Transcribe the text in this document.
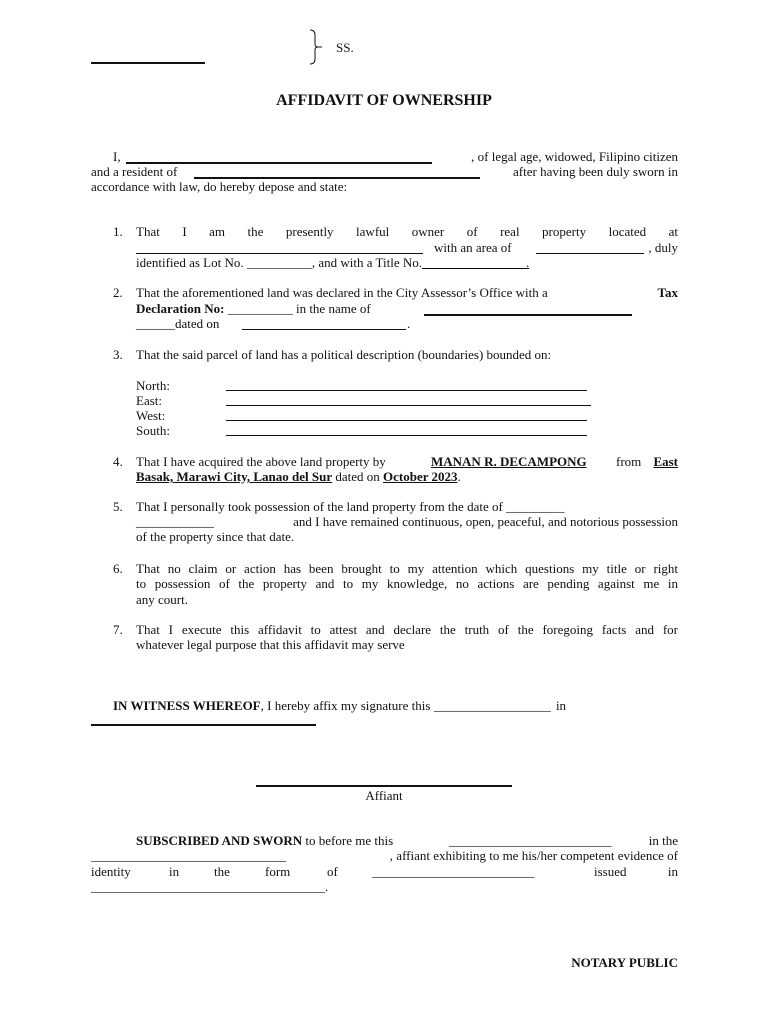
SS.
AFFIDAVIT OF OWNERSHIP
I,	, of legal age, widowed, Filipino citizen
and a resident of	after having been duly sworn in
accordance with law, do hereby depose and state:
1. That I am the presently lawful owner of real property located at
with an area of	, duly
identified as Lot No. __________, and with a Title No.________________.
2. That the aforementioned land was declared in the City Assessor’s Office with a	Tax
Declaration No: __________ in the name of
______dated on	.
3. That the said parcel of land has a political description (boundaries) bounded on:
North:
East:
West:
South:
4. That I have acquired the above land property by	MANAN R. DECAMPONG from East
Basak, Marawi City, Lanao del Sur dated on October 2023.
5. That I personally took possession of the land property from the date of _________
____________	and I have remained continuous, open, peaceful, and notorious possession
of the property since that date.
6. That no claim or action has been brought to my attention which questions my title or right
to possession of the property and to my knowledge, no actions are pending against me in
any court.
7. That I execute this affidavit to attest and declare the truth of the foregoing facts and for
whatever legal purpose that this affidavit may serve
IN WITNESS WHEREOF, I hereby affix my signature this __________________ in
Affiant
SUBSCRIBED AND SWORN to before me this	_________________________	in the
______________________________	, affiant exhibiting to me his/her competent evidence of
identity	in	the	form	of	_________________________	issued	in
____________________________________.
NOTARY PUBLIC
